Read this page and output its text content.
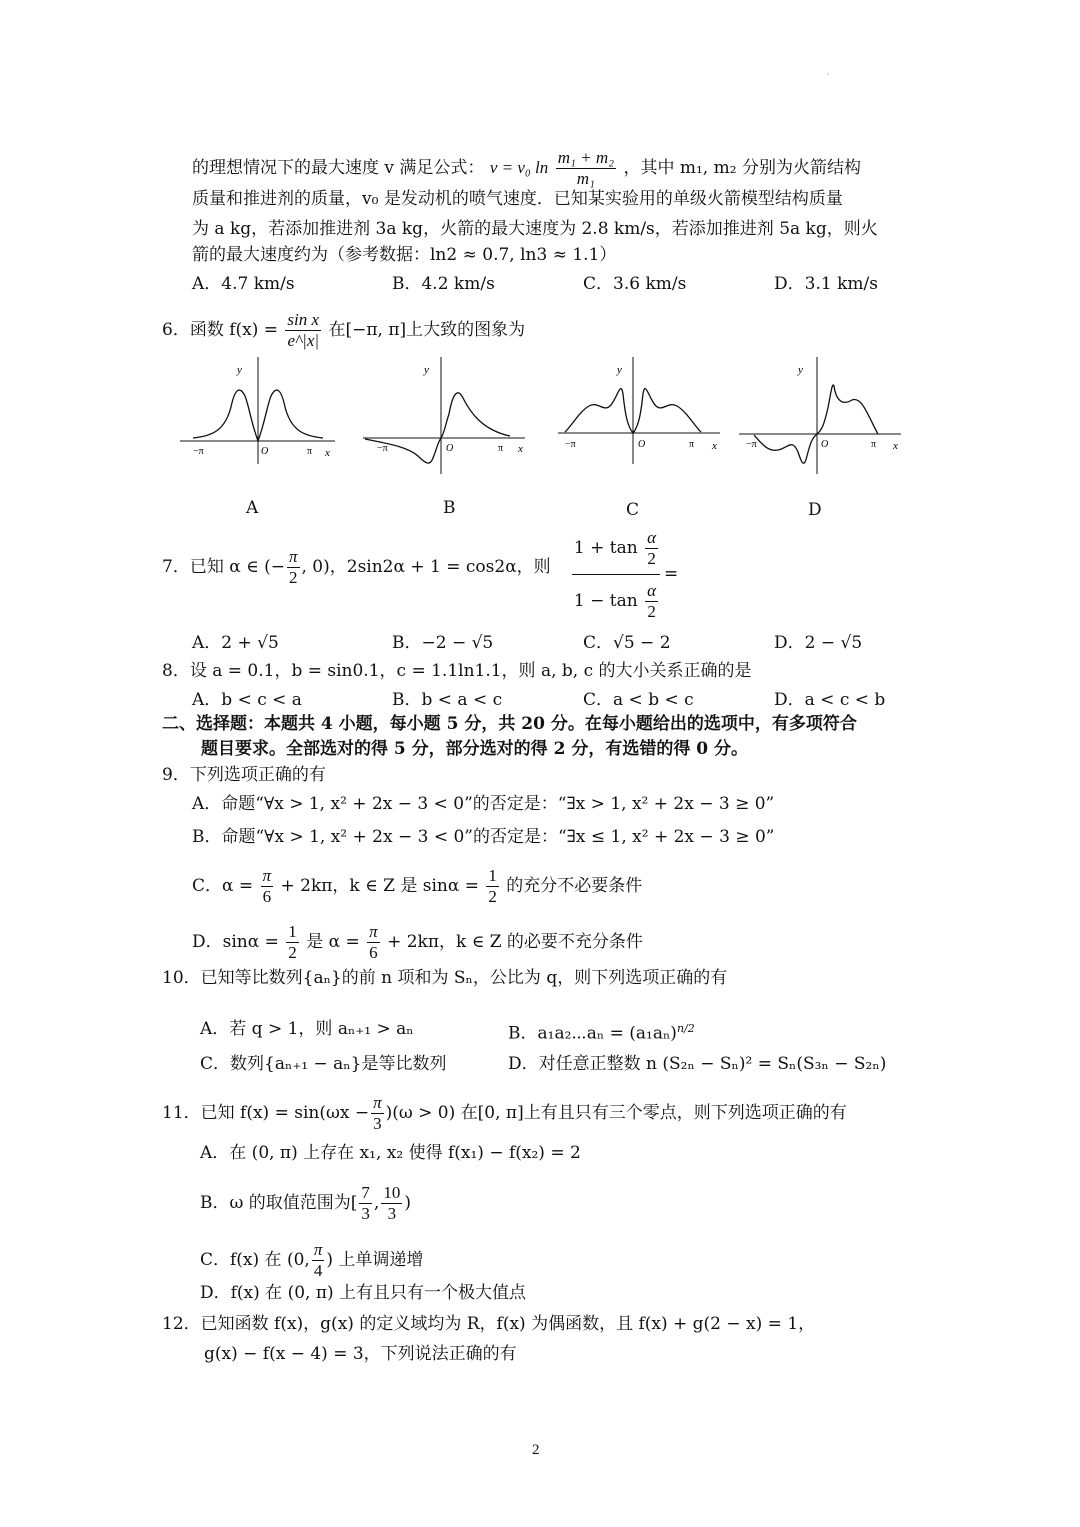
·
的理想情况下的最大速度 v 满足公式： v = v₀ $\ln \frac{\text{m₁ + m₂}}{\text{m₁}}$ ，其中 m₁, m₂ 分别为火箭结构
质量和推进剂的质量，v₀ 是发动机的喷气速度．已知某实验用的单级火箭模型结构质量
为 a kg，若添加推进剂 3a kg，火箭的最大速度为 2.8 km/s，若添加推进剂 5a kg，则火
箭的最大速度约为（参考数据：ln2 ≈ 0.7, ln3 ≈ 1.1）
A．4.7 km/s	B．4.2 km/s	C．3.6 km/s	D．3.1 km/s
6．函数 $f(x) = \frac{\text{sin x}}{e\^{}|x|}$ 在[−π, π]上大致的图象为
y
O
−π	π x
A
y
O
−π	π x
B
y
O
−π	π x
C
y
O
−π	π x
D
7．已知 α ∈ (− $\frac{\pi}{2}$ , 0)，2sin2α + 1 = cos2α，则
$1 + \tan \frac{\alpha}{2}$
$1 - \tan \frac{\alpha}{2}$
=
A．2 + √5	B．−2 − √5	C．√5 − 2	D．2 − √5
8．设 a = 0.1，b = sin0.1，c = 1.1ln1.1，则 a, b, c 的大小关系正确的是
A．b < c < a	B．b < a < c	C．a < b < c	D．a < c < b
二、选择题：本题共 4 小题，每小题 5 分，共 20 分。在每小题给出的选项中，有多项符合
题目要求。全部选对的得 5 分，部分选对的得 2 分，有选错的得 0 分。
9．下列选项正确的有
A．命题“∀x > 1, x² + 2x − 3 < 0”的否定是：“∃x > 1, x² + 2x − 3 ≥ 0”
B．命题“∀x > 1, x² + 2x − 3 < 0”的否定是：“∃x ≤ 1, x² + 2x − 3 ≥ 0”
C．$\alpha = \frac{\pi}{6} + 2k\pi$，k ∈ Z 是 $\sin\alpha = \frac{1}{2}$ 的充分不必要条件
D．$\sin\alpha = \frac{1}{2}$ 是 $\alpha = \frac{\pi}{6} + 2k\pi$，k ∈ Z 的必要不充分条件
10．已知等比数列{aₙ}的前 n 项和为 Sₙ，公比为 q，则下列选项正确的有
A．若 q > 1，则 aₙ₊₁ > aₙ	B．a₁a₂⋯aₙ = $(a_1a_n)^{n/2}$
C．数列{aₙ₊₁ − aₙ}是等比数列	D．对任意正整数 n (S₂ₙ − Sₙ)² = Sₙ(S₃ₙ − S₂ₙ)
11．已知 $f(x) = \sin(\omega x - \frac{\pi}{3} )(\omega > 0)$ 在[0, π]上有且只有三个零点，则下列选项正确的有
A．在 (0, π) 上存在 x₁, x₂ 使得 f(x₁) − f(x₂) = 2
B．ω 的取值范围为[ $\frac{7}{3}$ , $\frac{10}{3}$ )
C．f(x) 在 (0, $\frac{\pi}{4}$ ) 上单调递增
D．f(x) 在 (0, π) 上有且只有一个极大值点
12．已知函数 f(x)，g(x) 的定义域均为 R，f(x) 为偶函数，且 f(x) + g(2 − x) = 1，
g(x) − f(x − 4) = 3，下列说法正确的有
2
